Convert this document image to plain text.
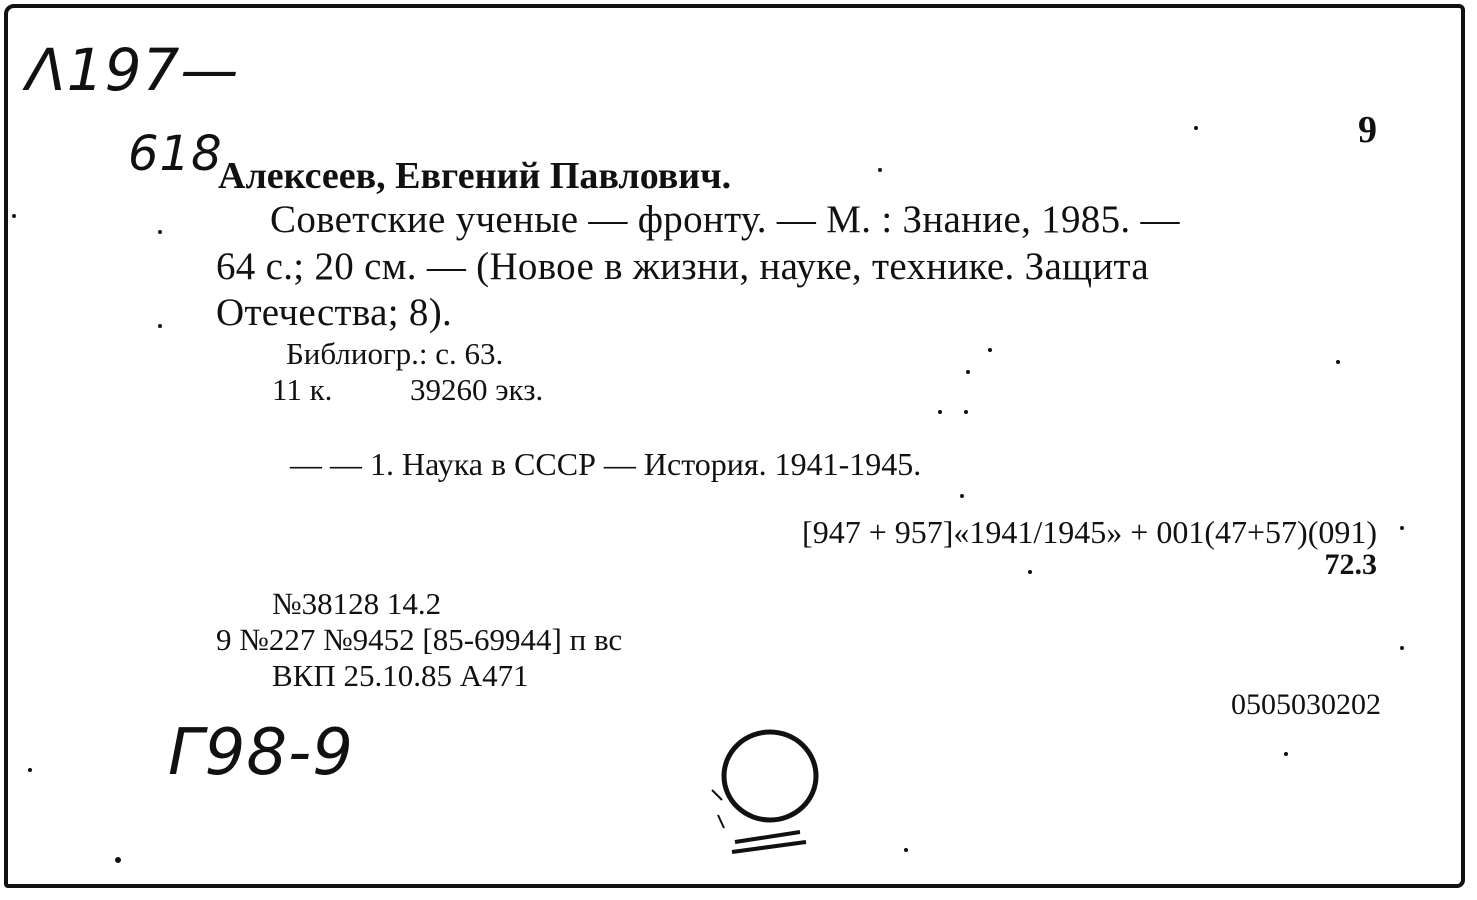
Λ197—
618
Г98-9
9
Алексеев, Евгений Павлович.
Советские ученые — фронту. — М. : Знание, 1985. —
64 с.; 20 см. — (Новое в жизни, науке, технике. Защита
Отечества; 8).
Библиогр.: с. 63.
11 к.	39260 экз.
— — 1. Наука в СССР — История. 1941-1945.
[947 + 957]«1941/1945» + 001(47+57)(091)
72.3
№38128 14.2
9 №227 №9452 [85-69944] п вс
ВКП 25.10.85 А471
0505030202
